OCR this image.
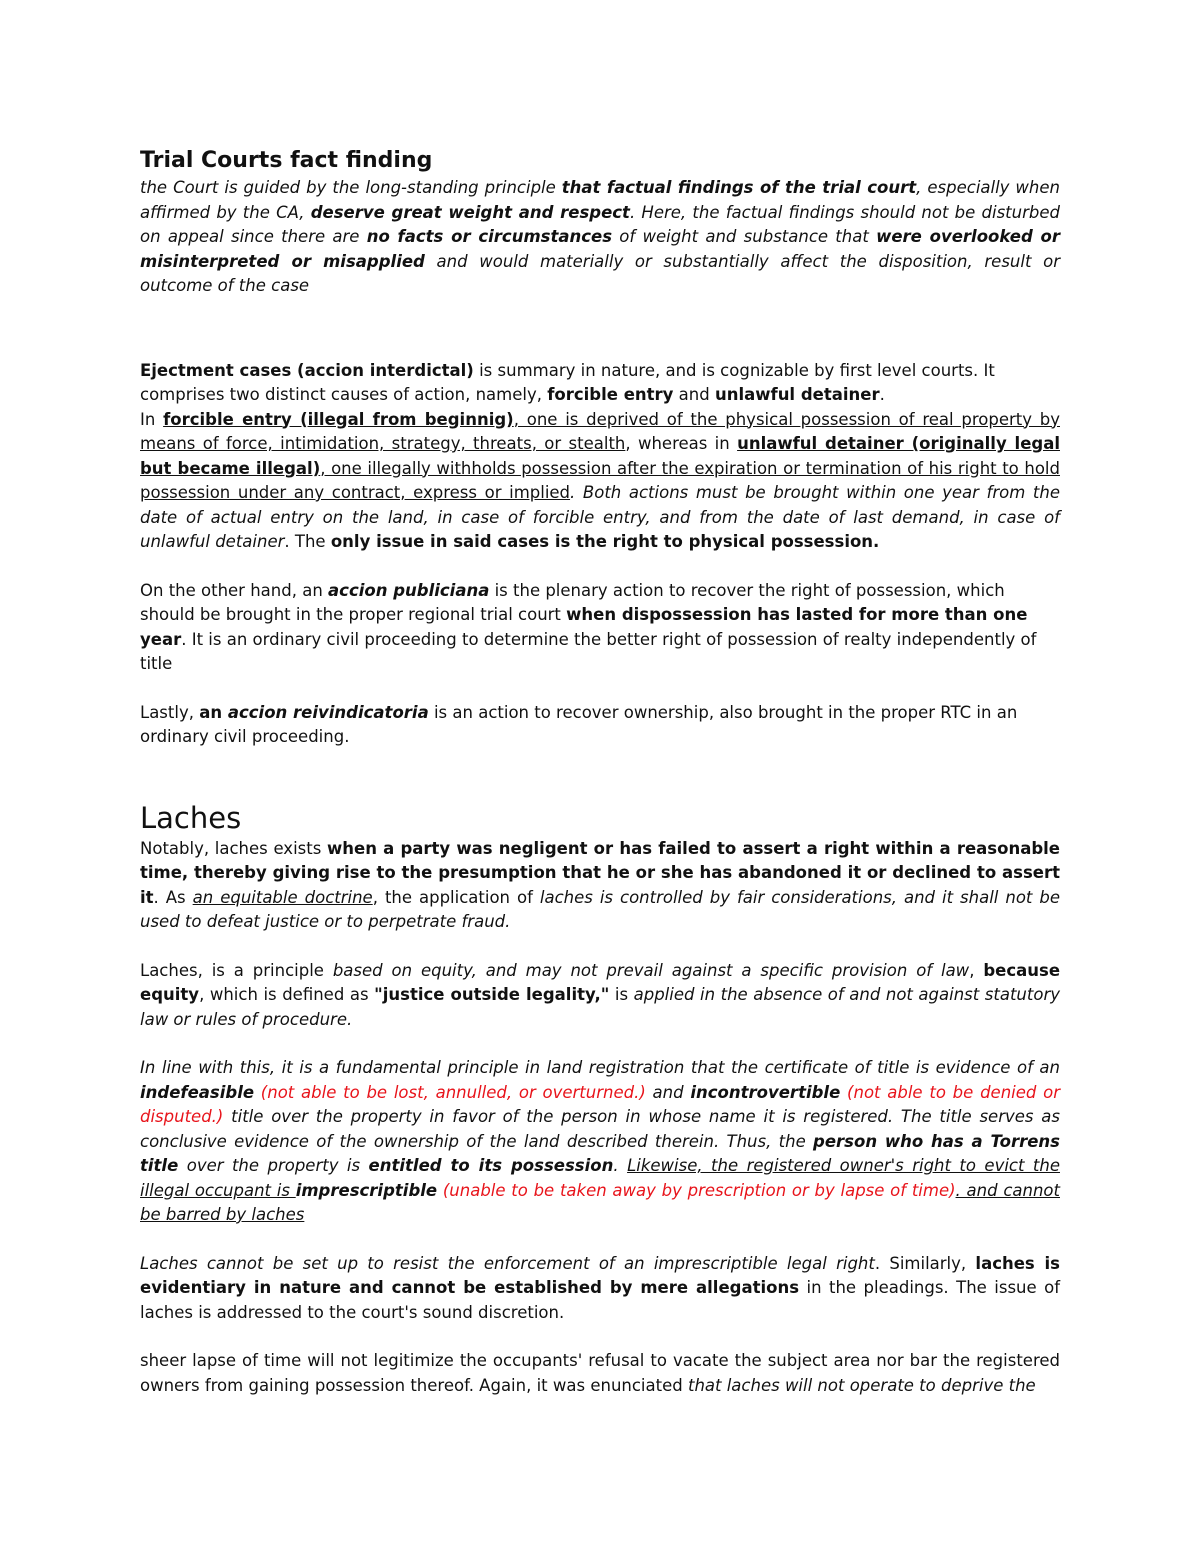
Trial Courts fact finding

the Court is guided by the long-standing principle that factual findings of the trial court, especially when affirmed by the CA, deserve great weight and respect. Here, the factual findings should not be disturbed on appeal since there are no facts or circumstances of weight and substance that were overlooked or misinterpreted or misapplied and would materially or substantially affect the disposition, result or outcome of the case

Ejectment cases (accion interdictal) is summary in nature, and is cognizable by first level courts. It comprises two distinct causes of action, namely, forcible entry and unlawful detainer.

In forcible entry (illegal from beginnig), one is deprived of the physical possession of real property by means of force, intimidation, strategy, threats, or stealth, whereas in unlawful detainer (originally legal but became illegal), one illegally withholds possession after the expiration or termination of his right to hold possession under any contract, express or implied. Both actions must be brought within one year from the date of actual entry on the land, in case of forcible entry, and from the date of last demand, in case of unlawful detainer. The only issue in said cases is the right to physical possession.

On the other hand, an accion publiciana is the plenary action to recover the right of possession, which should be brought in the proper regional trial court when dispossession has lasted for more than one year. It is an ordinary civil proceeding to determine the better right of possession of realty independently of title

Lastly, an accion reivindicatoria is an action to recover ownership, also brought in the proper RTC in an ordinary civil proceeding.

Laches

Notably, laches exists when a party was negligent or has failed to assert a right within a reasonable time, thereby giving rise to the presumption that he or she has abandoned it or declined to assert it. As an equitable doctrine, the application of laches is controlled by fair considerations, and it shall not be used to defeat justice or to perpetrate fraud.

Laches, is a principle based on equity, and may not prevail against a specific provision of law, because equity, which is defined as "justice outside legality," is applied in the absence of and not against statutory law or rules of procedure.

In line with this, it is a fundamental principle in land registration that the certificate of title is evidence of an indefeasible (not able to be lost, annulled, or overturned.) and incontrovertible (not able to be denied or disputed.) title over the property in favor of the person in whose name it is registered. The title serves as conclusive evidence of the ownership of the land described therein. Thus, the person who has a Torrens title over the property is entitled to its possession. Likewise, the registered owner's right to evict the illegal occupant is imprescriptible (unable to be taken away by prescription or by lapse of time). and cannot be barred by laches

Laches cannot be set up to resist the enforcement of an imprescriptible legal right. Similarly, laches is evidentiary in nature and cannot be established by mere allegations in the pleadings. The issue of laches is addressed to the court's sound discretion.

sheer lapse of time will not legitimize the occupants' refusal to vacate the subject area nor bar the registered owners from gaining possession thereof. Again, it was enunciated that laches will not operate to deprive the
